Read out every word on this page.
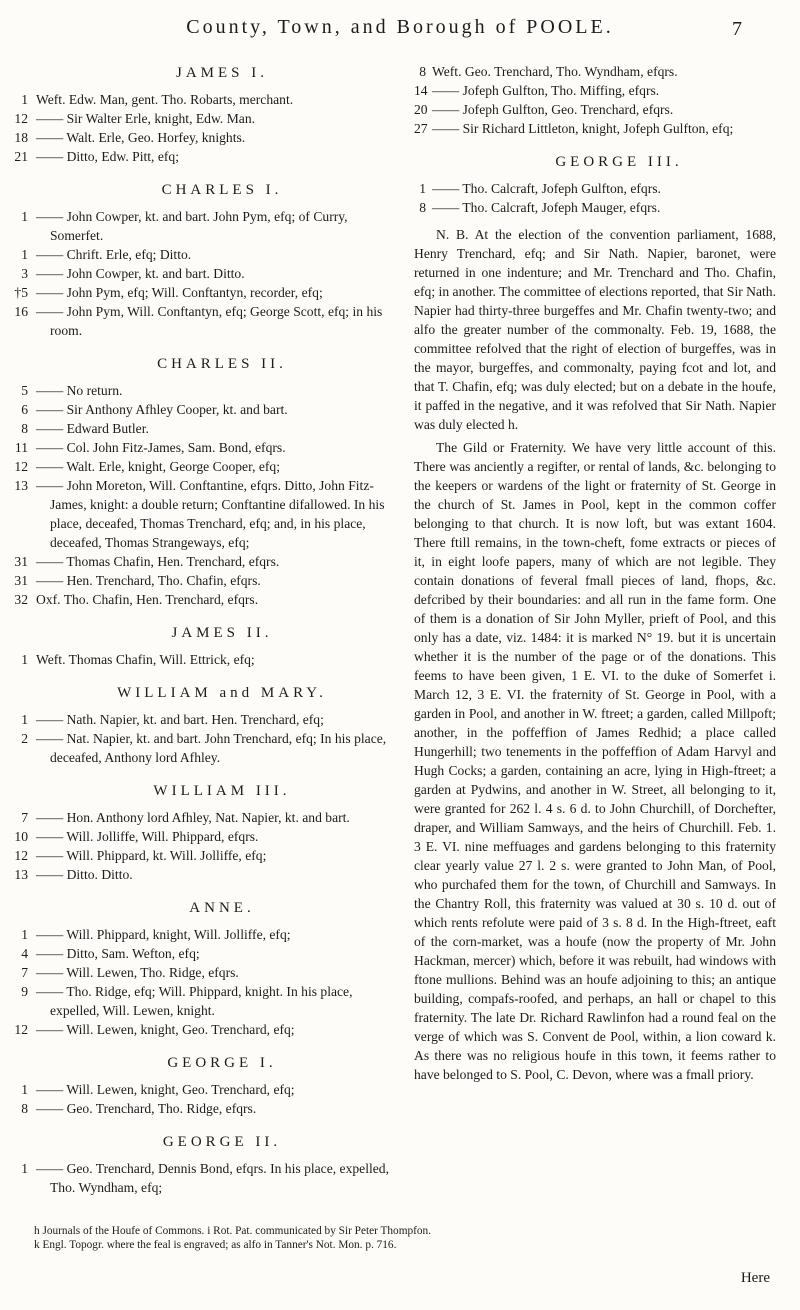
County, Town, and Borough of POOLE.	7
JAMES I.
1 Weft. Edw. Man, gent. Tho. Robarts, merchant.
12 —— Sir Walter Erle, knight, Edw. Man.
18 —— Walt. Erle, Geo. Horfey, knights.
21 —— Ditto, Edw. Pitt, efq;
CHARLES I.
1 —— John Cowper, kt. and bart. John Pym, efq; of Curry, Somerfet.
1 —— Chrift. Erle, efq; Ditto.
3 —— John Cowper, kt. and bart. Ditto.
†5 —— John Pym, efq; Will. Conftantyn, recorder, efq;
16 —— John Pym, Will. Conftantyn, efq; George Scott, efq; in his room.
CHARLES II.
5 —— No return.
6 —— Sir Anthony Afhley Cooper, kt. and bart.
8 —— Edward Butler.
11 —— Col. John Fitz-James, Sam. Bond, efqrs.
12 —— Walt. Erle, knight, George Cooper, efq;
13 —— John Moreton, Will. Conftantine, efqrs. Ditto, John Fitz-James, knight: a double return; Conftantine difallowed. In his place, deceafed, Thomas Trenchard, efq; and, in his place, deceafed, Thomas Strangeways, efq;
31 —— Thomas Chafin, Hen. Trenchard, efqrs.
31 —— Hen. Trenchard, Tho. Chafin, efqrs.
32 Oxf. Tho. Chafin, Hen. Trenchard, efqrs.
JAMES II.
1 Weft. Thomas Chafin, Will. Ettrick, efq;
WILLIAM and MARY.
1 —— Nath. Napier, kt. and bart. Hen. Trenchard, efq;
2 —— Nat. Napier, kt. and bart. John Trenchard, efq; In his place, deceafed, Anthony lord Afhley.
WILLIAM III.
7 —— Hon. Anthony lord Afhley, Nat. Napier, kt. and bart.
10 —— Will. Jolliffe, Will. Phippard, efqrs.
12 —— Will. Phippard, kt. Will. Jolliffe, efq;
13 —— Ditto. Ditto.
ANNE.
1 —— Will. Phippard, knight, Will. Jolliffe, efq;
4 —— Ditto, Sam. Wefton, efq;
7 —— Will. Lewen, Tho. Ridge, efqrs.
9 —— Tho. Ridge, efq; Will. Phippard, knight. In his place, expelled, Will. Lewen, knight.
12 —— Will. Lewen, knight, Geo. Trenchard, efq;
GEORGE I.
1 —— Will. Lewen, knight, Geo. Trenchard, efq;
8 —— Geo. Trenchard, Tho. Ridge, efqrs.
GEORGE II.
1 —— Geo. Trenchard, Dennis Bond, efqrs. In his place, expelled, Tho. Wyndham, efq;
8 Weft. Geo. Trenchard, Tho. Wyndham, efqrs.
14 —— Jofeph Gulfton, Tho. Miffing, efqrs.
20 —— Jofeph Gulfton, Geo. Trenchard, efqrs.
27 —— Sir Richard Littleton, knight, Jofeph Gulfton, efq;
GEORGE III.
1 —— Tho. Calcraft, Jofeph Gulfton, efqrs.
8 —— Tho. Calcraft, Jofeph Mauger, efqrs.

N. B. At the election of the convention parliament, 1688, Henry Trenchard, efq; and Sir Nath. Napier, baronet, were returned in one indenture; and Mr. Trenchard and Tho. Chafin, efq; in another. The committee of elections reported, that Sir Nath. Napier had thirty-three burgeffes and Mr. Chafin twenty-two; and alfo the greater number of the commonalty. Feb. 19, 1688, the committee refolved that the right of election of burgeffes, was in the mayor, burgeffes, and commonalty, paying fcot and lot, and that T. Chafin, efq; was duly elected; but on a debate in the houfe, it paffed in the negative, and it was refolved that Sir Nath. Napier was duly elected h.

The Gild or Fraternity. We have very little account of this. There was anciently a regifter, or rental of lands, &c. belonging to the keepers or wardens of the light or fraternity of St. George in the church of St. James in Pool, kept in the common coffer belonging to that church. It is now loft, but was extant 1604. There ftill remains, in the town-cheft, fome extracts or pieces of it, in eight loofe papers, many of which are not legible. They contain donations of feveral fmall pieces of land, fhops, &c. defcribed by their boundaries: and all run in the fame form. One of them is a donation of Sir John Myller, prieft of Pool, and this only has a date, viz. 1484: it is marked N° 19. but it is uncertain whether it is the number of the page or of the donations. This feems to have been given, 1 E. VI. to the duke of Somerfet i. March 12, 3 E. VI. the fraternity of St. George in Pool, with a garden in Pool, and another in W. ftreet; a garden, called Millpoft; another, in the poffeffion of James Redhid; a place called Hungerhill; two tenements in the poffeffion of Adam Harvyl and Hugh Cocks; a garden, containing an acre, lying in High-ftreet; a garden at Pydwins, and another in W. Street, all belonging to it, were granted for 262 l. 4 s. 6 d. to John Churchill, of Dorchefter, draper, and William Samways, and the heirs of Churchill. Feb. 1. 3 E. VI. nine meffuages and gardens belonging to this fraternity clear yearly value 27 l. 2 s. were granted to John Man, of Pool, who purchafed them for the town, of Churchill and Samways. In the Chantry Roll, this fraternity was valued at 30 s. 10 d. out of which rents refolute were paid of 3 s. 8 d. In the High-ftreet, eaft of the corn-market, was a houfe (now the property of Mr. John Hackman, mercer) which, before it was rebuilt, had windows with ftone mullions. Behind was an houfe adjoining to this; an antique building, compafs-roofed, and perhaps, an hall or chapel to this fraternity. The late Dr. Richard Rawlinfon had a round feal on the verge of which was S. Convent de Pool, within, a lion coward k. As there was no religious houfe in this town, it feems rather to have belonged to S. Pool, C. Devon, where was a fmall priory.

h Journals of the Houfe of Commons. i Rot. Pat. communicated by Sir Peter Thompfon.
k Engl. Topogr. where the feal is engraved; as alfo in Tanner's Not. Mon. p. 716.
Here
